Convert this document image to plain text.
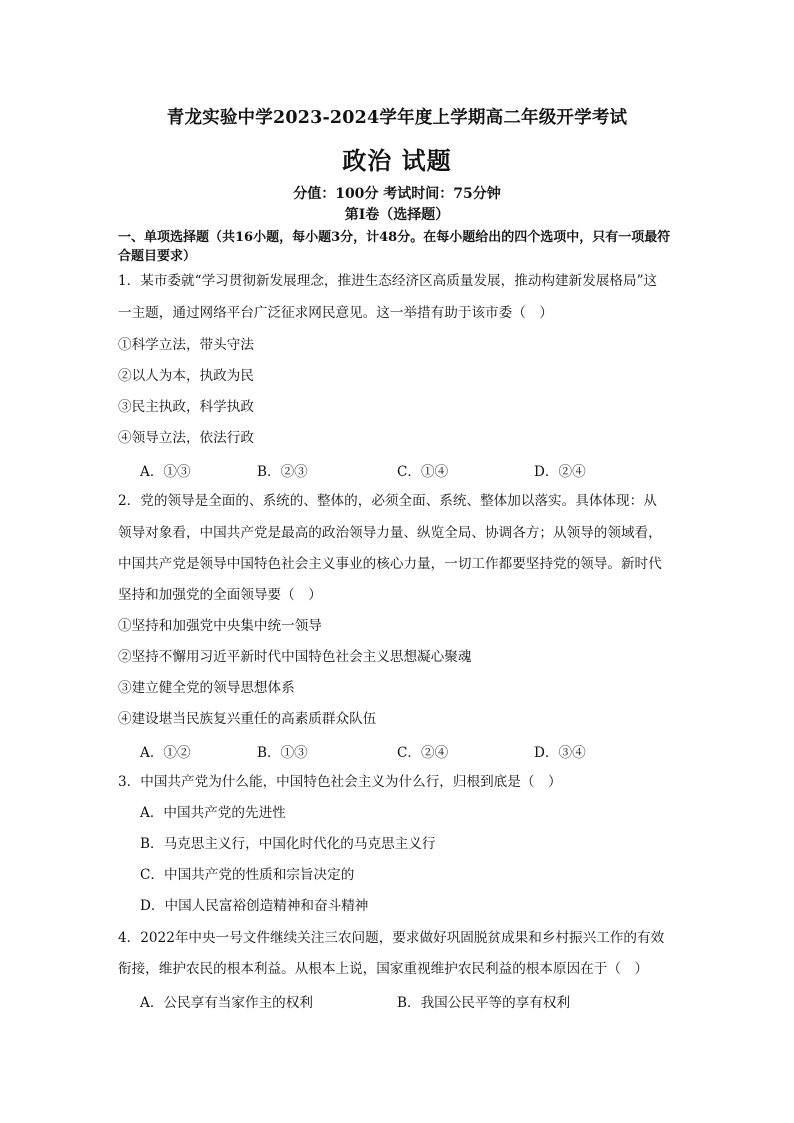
青龙实验中学2023-2024学年度上学期高二年级开学考试
政治 试题
分值：100分 考试时间：75分钟
第Ⅰ卷（选择题）
一、单项选择题（共16小题，每小题3分，计48分。在每小题给出的四个选项中，只有一项最符合题目要求）
1．某市委就“学习贯彻新发展理念，推进生态经济区高质量发展，推动构建新发展格局”这
一主题，通过网络平台广泛征求网民意见。这一举措有助于该市委（　）
①科学立法，带头守法
②以人为本，执政为民
③民主执政，科学执政
④领导立法，依法行政
A．①③	B．②③	C．①④	D．②④
2．党的领导是全面的、系统的、整体的，必须全面、系统、整体加以落实。具体体现：从
领导对象看，中国共产党是最高的政治领导力量、纵览全局、协调各方；从领导的领域看，
中国共产党是领导中国特色社会主义事业的核心力量，一切工作都要坚持党的领导。新时代
坚持和加强党的全面领导要（　）
①坚持和加强党中央集中统一领导
②坚持不懈用习近平新时代中国特色社会主义思想凝心聚魂
③建立健全党的领导思想体系
④建设堪当民族复兴重任的高素质群众队伍
A．①②	B．①③	C．②④	D．③④
3．中国共产党为什么能，中国特色社会主义为什么行，归根到底是（　）
A．中国共产党的先进性
B．马克思主义行，中国化时代化的马克思主义行
C．中国共产党的性质和宗旨决定的
D．中国人民富裕创造精神和奋斗精神
4．2022年中央一号文件继续关注三农问题，要求做好巩固脱贫成果和乡村振兴工作的有效
衔接，维护农民的根本利益。从根本上说，国家重视维护农民利益的根本原因在于（　）
A．公民享有当家作主的权利	B．我国公民平等的享有权利
